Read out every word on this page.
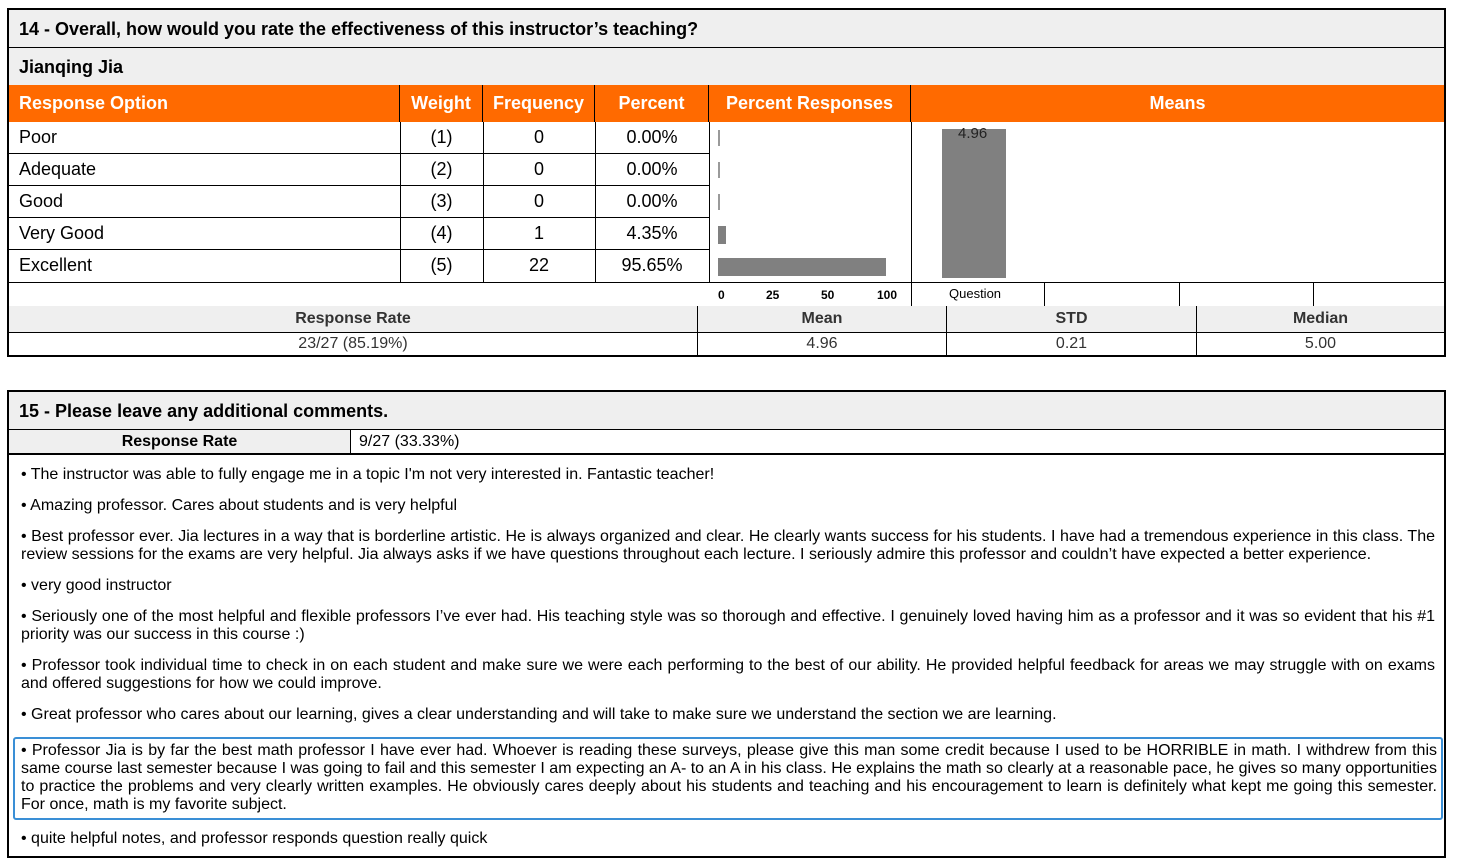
14 - Overall, how would you rate the effectiveness of this instructor’s teaching?
Jianqing Jia
Response Option	Weight	Frequency	Percent	Percent Responses	Means
Poor	(1)	0	0.00%
Adequate	(2)	0	0.00%
Good	(3)	0	0.00%
Very Good	(4)	1	4.35%
Excellent	(5)	22	95.65%
0	25	50	100
4.96
Question
Response Rate	Mean	STD	Median
23/27 (85.19%)	4.96	0.21	5.00
15 - Please leave any additional comments.
Response Rate	9/27 (33.33%)
• The instructor was able to fully engage me in a topic I'm not very interested in. Fantastic teacher!
• Amazing professor. Cares about students and is very helpful
• Best professor ever. Jia lectures in a way that is borderline artistic. He is always organized and clear. He clearly wants success for his students. I have had a tremendous experience in this class. The review sessions for the exams are very helpful. Jia always asks if we have questions throughout each lecture. I seriously admire this professor and couldn’t have expected a better experience.
• very good instructor
• Seriously one of the most helpful and flexible professors I’ve ever had. His teaching style was so thorough and effective. I genuinely loved having him as a professor and it was so evident that his #1 priority was our success in this course :)
• Professor took individual time to check in on each student and make sure we were each performing to the best of our ability. He provided helpful feedback for areas we may struggle with on exams and offered suggestions for how we could improve.
• Great professor who cares about our learning, gives a clear understanding and will take to make sure we understand the section we are learning.
• Professor Jia is by far the best math professor I have ever had. Whoever is reading these surveys, please give this man some credit because I used to be HORRIBLE in math. I withdrew from this same course last semester because I was going to fail and this semester I am expecting an A- to an A in his class. He explains the math so clearly at a reasonable pace, he gives so many opportunities to practice the problems and very clearly written examples. He obviously cares deeply about his students and teaching and his encouragement to learn is definitely what kept me going this semester. For once, math is my favorite subject.
• quite helpful notes, and professor responds question really quick
